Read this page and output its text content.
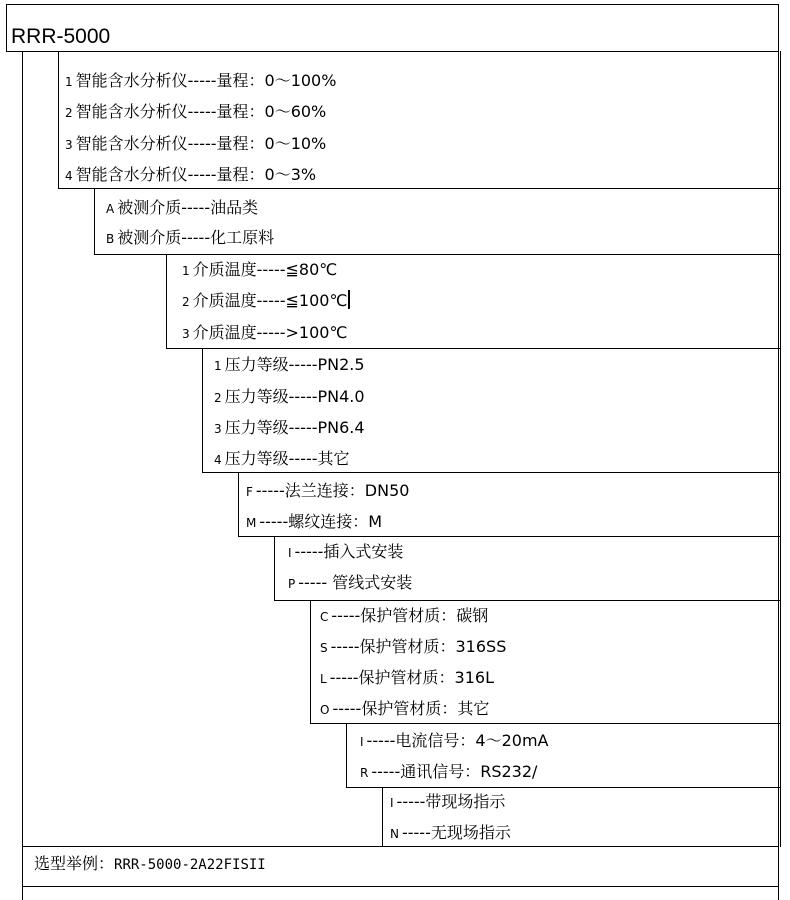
RRR-5000
1 智能含水分析仪-----量程：0～100%
2 智能含水分析仪-----量程：0～60%
3 智能含水分析仪-----量程：0～10%
4 智能含水分析仪-----量程：0～3%
A 被测介质-----油品类
B 被测介质-----化工原料
1 介质温度-----≦80℃
2 介质温度-----≦100℃
3 介质温度----->100℃
1 压力等级-----PN2.5
2 压力等级-----PN4.0
3 压力等级-----PN6.4
4 压力等级-----其它
F -----法兰连接：DN50
M -----螺纹连接：M
I -----插入式安装
P ----- 管线式安装
C -----保护管材质：碳钢
S -----保护管材质：316SS
L -----保护管材质：316L
O -----保护管材质：其它
I -----电流信号：4～20mA
R -----通讯信号：RS232/
I -----带现场指示
N -----无现场指示
选型举例：RRR-5000-2A22FISII
